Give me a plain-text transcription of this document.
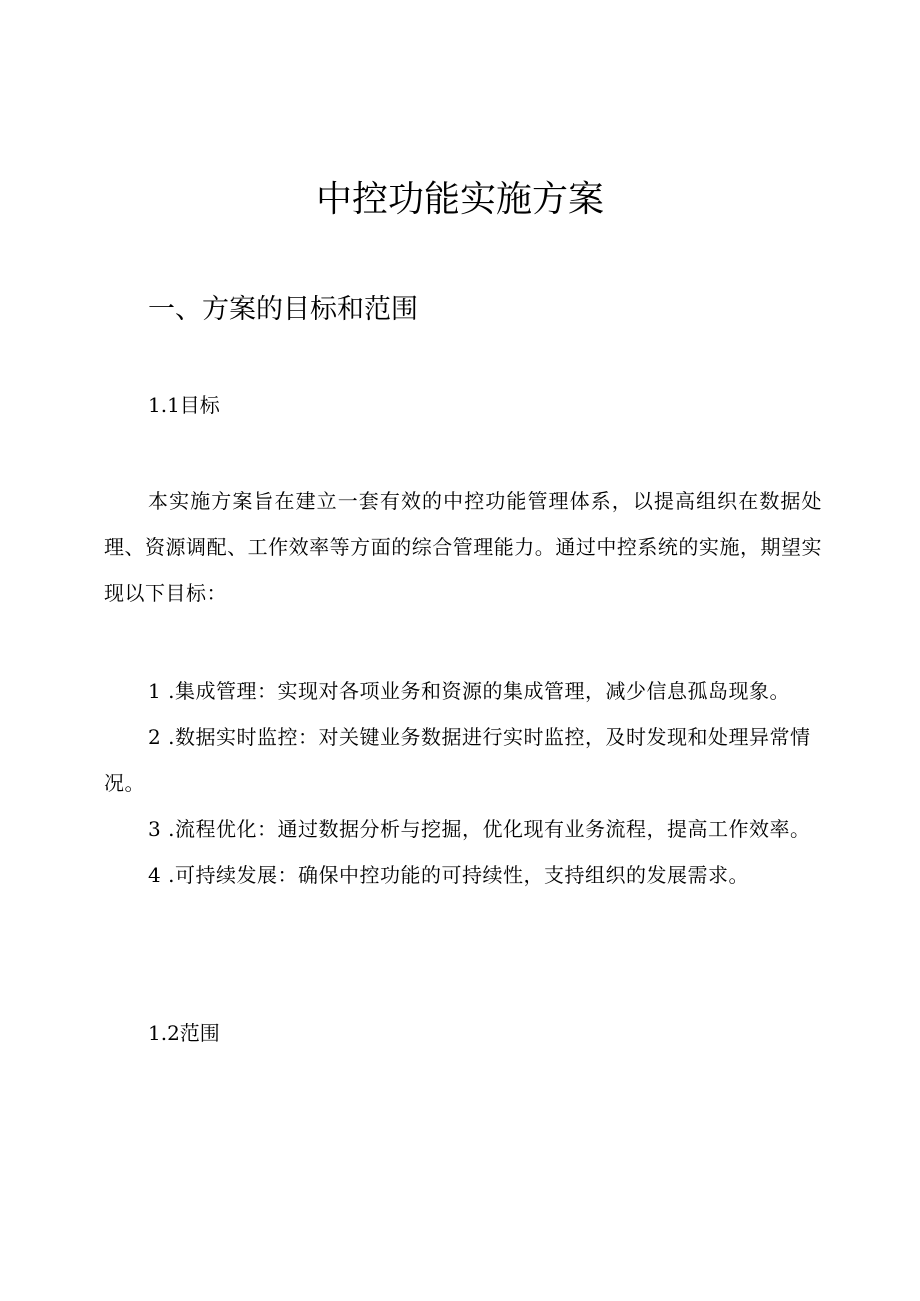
中控功能实施方案
一、方案的目标和范围
1.1目标

本实施方案旨在建立一套有效的中控功能管理体系，以提高组织在数据处理、资源调配、工作效率等方面的综合管理能力。通过中控系统的实施，期望实现以下目标：

1 .集成管理：实现对各项业务和资源的集成管理，减少信息孤岛现象。
2 .数据实时监控：对关键业务数据进行实时监控，及时发现和处理异常情况。
3 .流程优化：通过数据分析与挖掘，优化现有业务流程，提高工作效率。
4 .可持续发展：确保中控功能的可持续性，支持组织的发展需求。
1.2范围
